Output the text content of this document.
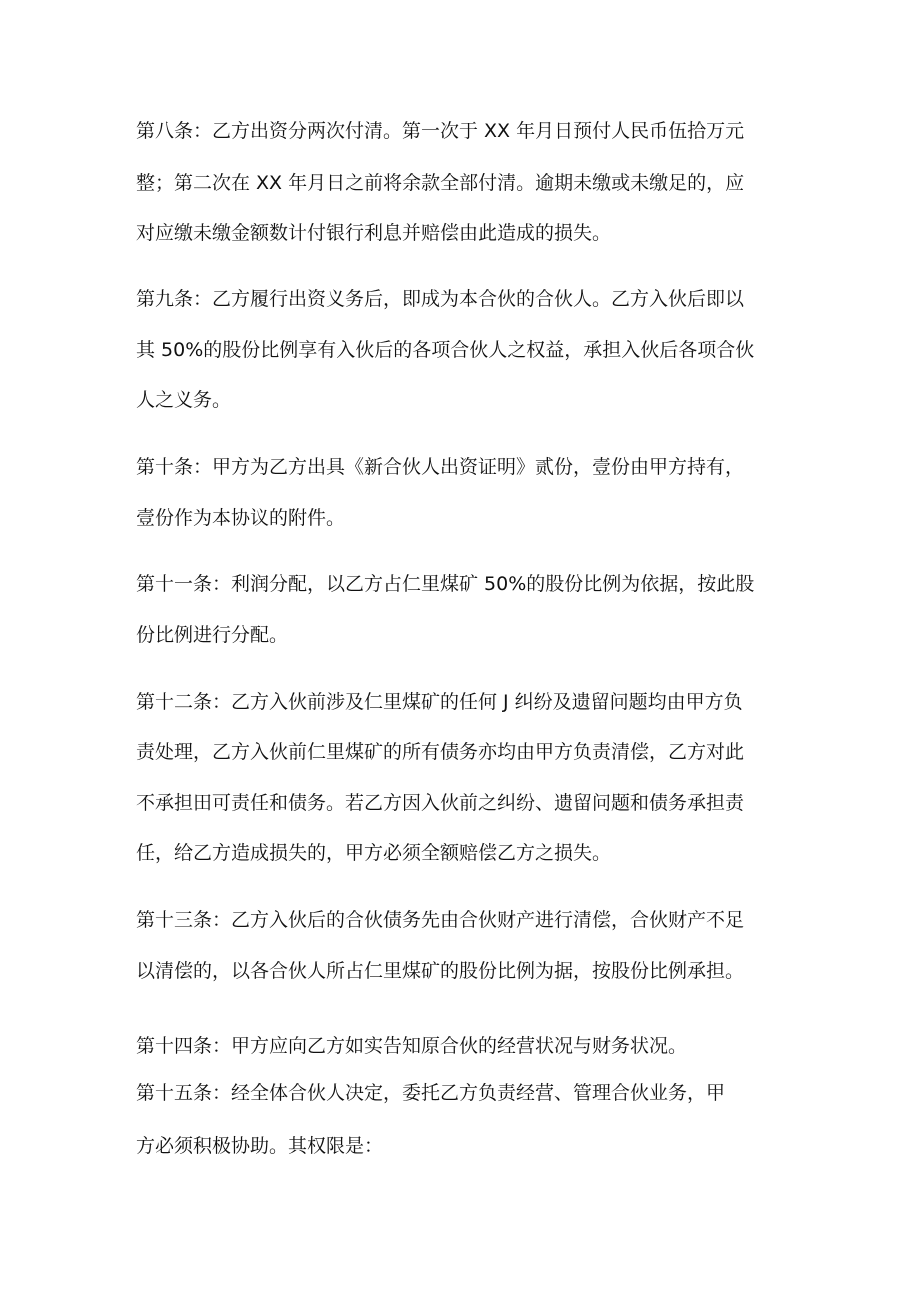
第八条：乙方出资分两次付清。第一次于 XX 年月日预付人民币伍拾万元
整；第二次在 XX 年月日之前将余款全部付清。逾期未缴或未缴足的，应
对应缴未缴金额数计付银行利息并赔偿由此造成的损失。
第九条：乙方履行出资义务后，即成为本合伙的合伙人。乙方入伙后即以
其 50%的股份比例享有入伙后的各项合伙人之权益，承担入伙后各项合伙
人之义务。
第十条：甲方为乙方出具《新合伙人出资证明》贰份，壹份由甲方持有，
壹份作为本协议的附件。
第十一条：利润分配，以乙方占仁里煤矿 50%的股份比例为依据，按此股
份比例进行分配。
第十二条：乙方入伙前涉及仁里煤矿的任何 J 纠纷及遗留问题均由甲方负
责处理，乙方入伙前仁里煤矿的所有债务亦均由甲方负责清偿，乙方对此
不承担田可责任和债务。若乙方因入伙前之纠纷、遗留问题和债务承担责
任，给乙方造成损失的，甲方必须全额赔偿乙方之损失。
第十三条：乙方入伙后的合伙债务先由合伙财产进行清偿，合伙财产不足
以清偿的，以各合伙人所占仁里煤矿的股份比例为据，按股份比例承担。
第十四条：甲方应向乙方如实告知原合伙的经营状况与财务状况。
第十五条：经全体合伙人决定，委托乙方负责经营、管理合伙业务，甲
方必须积极协助。其权限是：
